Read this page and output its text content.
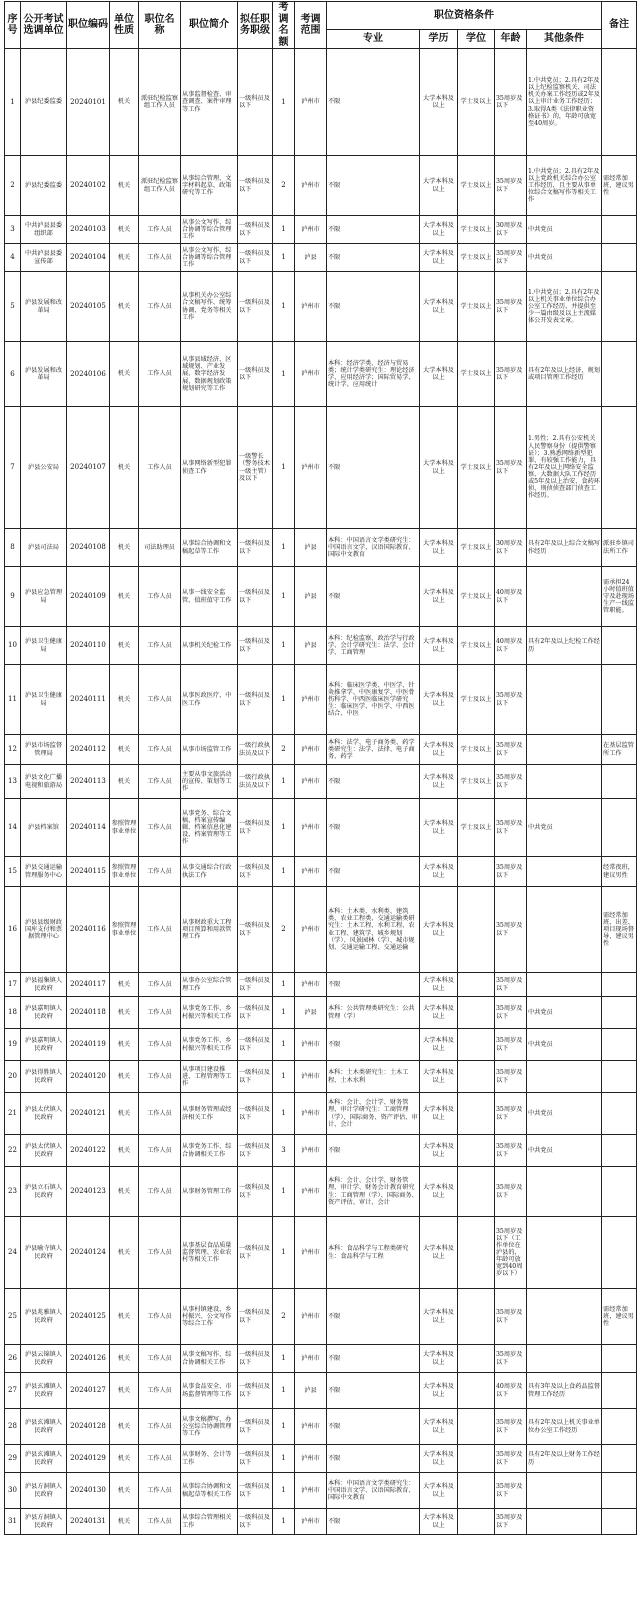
序号	公开考试选调单位	职位编码	单位性质	职位名称	职位简介	拟任职务职级	考调名额	考调范围	职位资格条件					备注
									专业	学历	学位	年龄	其他条件	
1	泸县纪委监委	20240101	机关	派驻纪检监察组工作人员	从事监督检查、审查调查、案件审理等工作	一级科员及以下	1	泸州市	不限	大学本科及以上	学士及以上	35周岁及以下	1.中共党员；2.具有2年及以上纪检监察机关、司法机关办案工作经历或2年及以上审计业务工作经历；3.取得A类《法律职业资格证书》的，年龄可放宽至40周岁。	
2	泸县纪委监委	20240102	机关	派驻纪检监察组工作人员	从事综合管理、文字材料起草、政策研究等工作	一级科员及以下	2	泸州市	不限	大学本科及以上	学士及以上	35周岁及以下	1.中共党员；2.具有2年及以上党政机关综合办公室工作经历，且主要从事单位综合文稿写作等相关工作	需经常加班，建议男性
3	中共泸县县委组织部	20240103	机关	工作人员	从事公文写作、综合协调等综合管理工作	一级科员及以下	1	泸州市	不限	大学本科及以上	学士及以上	30周岁及以下	中共党员	
4	中共泸县县委宣传部	20240104	机关	工作人员	从事公文写作、综合协调等综合管理工作	一级科员及以下	1	泸县	不限	大学本科及以上	学士及以上	35周岁及以下	中共党员	
5	泸县发展和改革局	20240105	机关	工作人员	从事机关办公室综合文稿写作、统筹协调、党务等相关工作	一级科员及以下	1	泸州市	不限	大学本科及以上	学士及以上	35周岁及以下	1.中共党员；2.具有2年及以上机关事业单位综合办公室工作经历，并提供至少一篇由级及以上主流媒体公开发表文章。	
6	泸县发展和改革局	20240106	机关	工作人员	从事县域经济、区域规划、产业发展、数字经济发展、数据规划政策规划研究等工作	一级科员及以下	1	泸州市	本科：经济学类、经济与贸易类；统计学类研究生：理论经济学、应用经济学；国际贸易学、统计学、应用统计	大学本科及以上	学士及以上	35周岁及以下	具有2年及以上经济、规划或项目管理工作经历	
7	泸县公安局	20240107	机关	工作人员	从事网络新型犯罪侦查工作	一级警长（警务技术一级主管）及以下	1	泸州市	不限	大学本科及以上	学士及以上	35周岁及以下	1.男性；2.具有公安机关人民警察身份（提供警察证）；3.熟悉网络新型犯罪，有较强工作能力，具有2年及以上网络安全监察、大数据大队工作经历或5年及以上治安、食药环侦、刑侦侦查部门侦查工作经历。	
8	泸县司法局	20240108	机关	司法助理员	从事综合协调和文稿起草等工作	一级科员及以下	1	泸县	本科：中国语言文学类研究生：中国语言文学、汉语国际教育、国际中文教育	大学本科及以上	学士及以上	30周岁及以下	具有2年及以上综合文稿写作经历	派驻乡镇司法所工作
9	泸县应急管理局	20240109	机关	工作人员	从事一线安全监管、值班值守工作	一级科员及以下	1	泸县	不限	大学本科及以上	学士及以上	40周岁及以下		需承担24小时值班值守及赴现场生产一线监管职能。
10	泸县卫生健康局	20240110	机关	工作人员	从事机关纪检工作	一级科员及以下	1	泸县	本科：纪检监察、政治学与行政学、会计学研究生：法学、会计学、工商管理	大学本科及以上	学士及以上	40周岁及以下	具有2年及以上纪检工作经历	
11	泸县卫生健康局	20240111	机关	工作人员	从事医政医疗、中医工作	一级科员及以下	1	泸州市	本科：临床医学类、中医学、针灸推拿学、中医康复学、中医骨伤科学、中西医临床医学研究生：临床医学、中医学、中西医结合、中医	大学本科及以上	学士及以上	35周岁及以下		
12	泸县市场监督管理局	20240112	机关	工作人员	从事市场监管工作	一级行政执法员及以下	2	泸州市	本科：法学、电子商务类、药学类研究生：法学、法律、电子商务、药学	大学本科及以上	学士及以上	35周岁及以下		在基层监管所工作
13	泸县文化广播电视和旅游局	20240113	机关	工作人员	主要从事文旅活动的宣传、策划等工作	一级行政执法员及以下	1	泸州市	不限	大学本科及以上	学士及以上	35周岁及以下		
14	泸县档案馆	20240114	参照管理事业单位	工作人员	从事党务、综合文稿、档案宣传编辑、档案信息化建设、档案管理等工作	一级科员及以下	1	泸州市	不限	大学本科及以上	学士及以上	35周岁及以下	中共党员	
15	泸县交通运输管理服务中心	20240115	参照管理事业单位	工作人员	从事交通综合行政执法工作	一级科员及以下	1	泸州市	不限	大学本科及以上		35周岁及以下		经常夜班，建议男性
16	泸县县级财政国库支付和票据管理中心	20240116	参照管理事业单位	工作人员	从事财政重大工程项目预算和用款管理工作	一级科员及以下	2	泸州市	本科：土木类、水利类、建筑类、农业工程类、交通运输类研究生：土木工程、水利工程、农业工程、建筑学、城乡规划（学）、风景园林（学）、城市规划、交通运输工程、交通运输	大学本科及以上		35周岁及以下		需经常加班、出差、项目现场督导，建议男性
17	泸县福集镇人民政府	20240117	机关	工作人员	从事办公室综合管理工作	一级科员及以下	1	泸州市	不限	大学本科及以上		35周岁及以下		
18	泸县嘉明镇人民政府	20240118	机关	工作人员	从事党务工作、乡村振兴等相关工作	一级科员及以下	1	泸县	本科：公共管理类研究生：公共管理（学）	大学本科及以上		35周岁及以下	中共党员	
19	泸县嘉明镇人民政府	20240119	机关	工作人员	从事党务工作、乡村振兴等相关工作	一级科员及以下	1	泸州市	不限	大学本科及以上		35周岁及以下	中共党员	
20	泸县得胜镇人民政府	20240120	机关	工作人员	从事项目建设推进、工程管理等工作	一级科员及以下	1	泸州市	本科：土木类研究生：土木工程、土木水利	大学本科及以上		35周岁及以下		
21	泸县太伏镇人民政府	20240121	机关	工作人员	从事财务管理或经济相关工作	一级科员及以下	1	泸州市	本科：会计、会计学、财务管理、审计学研究生：工商管理（学）、国际商务、资产评估、审计、会计	大学本科及以上		35周岁及以下	中共党员	
22	泸县太伏镇人民政府	20240122	机关	工作人员	从事党务工作、综合协调相关工作	一级科员及以下	3	泸州市	不限	大学本科及以上		35周岁及以下	中共党员	
23	泸县立石镇人民政府	20240123	机关	工作人员	从事财务管理工作	一级科员及以下	1	泸州市	本科：会计、会计学、财务管理、审计学、财务会计教育研究生：工商管理（学）、国际商务、资产评估、审计、会计	大学本科及以上		35周岁及以下		
24	泸县喻寺镇人民政府	20240124	机关	工作人员	从事基层食品质量监督管理、农业农村等相关工作	一级科员及以下	1	泸州市	本科：食品科学与工程类研究生：食品科学与工程	大学本科及以上		35周岁及以下（工作单位在泸县的，年龄可放宽到40周岁以下）		
25	泸县兆雅镇人民政府	20240125	机关	工作人员	从事村镇建设、乡村振兴、公文写作等综合工作	一级科员及以下	2	泸州市	不限	大学本科及以上		35周岁及以下		需经常加班，建议男性
26	泸县云锦镇人民政府	20240126	机关	工作人员	从事文稿写作、综合协调相关工作	一级科员及以下	1	泸州市	不限	大学本科及以上		35周岁及以下		
27	泸县玄滩镇人民政府	20240127	机关	工作人员	从事食品安全、市场监督管理等工作	一级科员及以下	1	泸县	不限	大学本科及以上		40周岁及以下	具有3年及以上食药品监督管理工作经历	
28	泸县玄滩镇人民政府	20240128	机关	工作人员	从事文稿撰写、办公室综合协调管理等工作	一级科员及以下	1	泸州市	不限	大学本科及以上		35周岁及以下	具有2年及以上机关事业单位办公室工作经历	
29	泸县玄滩镇人民政府	20240129	机关	工作人员	从事财务、会计等工作	一级科员及以下	1	泸州市	不限	大学本科及以上		35周岁及以下	具有2年及以上财务工作经历	
30	泸县方洞镇人民政府	20240130	机关	工作人员	从事综合协调和文稿起草等相关工作	一级科员及以下	1	泸州市	本科：中国语言文学类研究生：中国语言文学、汉语国际教育、国际中文教育	大学本科及以上		35周岁及以下		
31	泸县方洞镇人民政府	20240131	机关	工作人员	从事综合管理相关工作	一级科员及以下	1	泸州市	不限	大学本科及以上		35周岁及以下		
